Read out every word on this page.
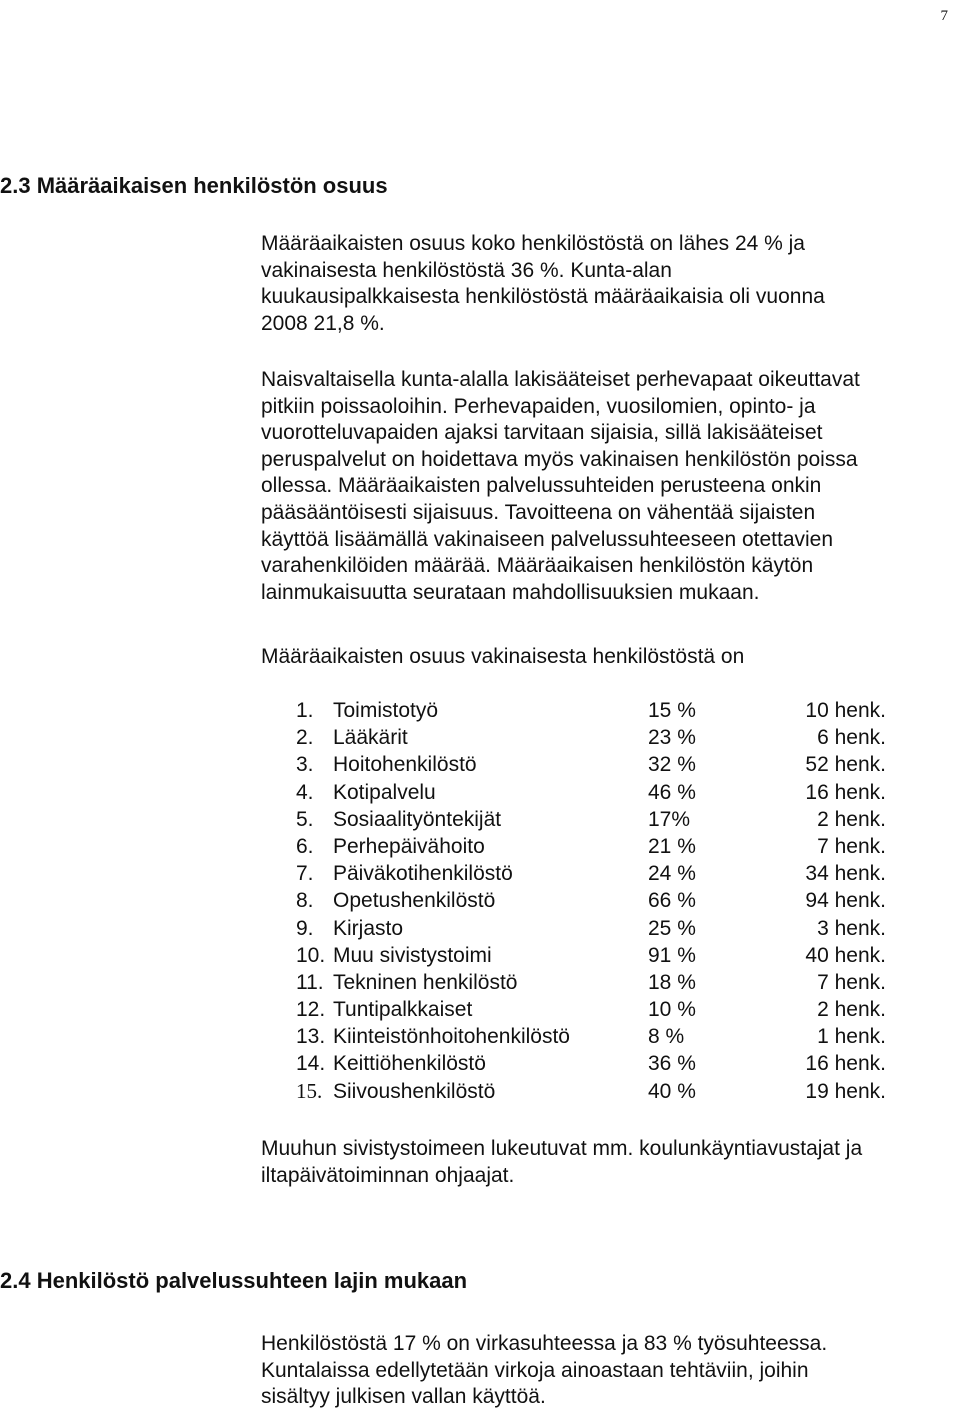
7
2.3 Määräaikaisen henkilöstön osuus
Määräaikaisten osuus koko henkilöstöstä on lähes 24 % ja
vakinaisesta henkilöstöstä 36 %. Kunta-alan
kuukausipalkkaisesta henkilöstöstä määräaikaisia oli vuonna
2008 21,8 %.
Naisvaltaisella kunta-alalla lakisääteiset perhevapaat oikeuttavat
pitkiin poissaoloihin. Perhevapaiden, vuosilomien, opinto- ja
vuorotteluvapaiden ajaksi tarvitaan sijaisia, sillä lakisääteiset
peruspalvelut on hoidettava myös vakinaisen henkilöstön poissa
ollessa. Määräaikaisten palvelussuhteiden perusteena onkin
pääsääntöisesti sijaisuus. Tavoitteena on vähentää sijaisten
käyttöä lisäämällä vakinaiseen palvelussuhteeseen otettavien
varahenkilöiden määrää. Määräaikaisen henkilöstön käytön
lainmukaisuutta seurataan mahdollisuuksien mukaan.
Määräaikaisten osuus vakinaisesta henkilöstöstä on
1. Toimistotyö	15 %	10 henk.
2. Lääkärit	23 %	6 henk.
3. Hoitohenkilöstö	32 %	52 henk.
4. Kotipalvelu	46 %	16 henk.
5. Sosiaalityöntekijät	17%	2 henk.
6. Perhepäivähoito	21 %	7 henk.
7. Päiväkotihenkilöstö	24 %	34 henk.
8. Opetushenkilöstö	66 %	94 henk.
9. Kirjasto	25 %	3 henk.
10. Muu sivistystoimi	91 %	40 henk.
11. Tekninen henkilöstö	18 %	7 henk.
12. Tuntipalkkaiset	10 %	2 henk.
13. Kiinteistönhoitohenkilöstö	8 %	1 henk.
14. Keittiöhenkilöstö	36 %	16 henk.
15. Siivoushenkilöstö	40 %	19 henk.
Muuhun sivistystoimeen lukeutuvat mm. koulunkäyntiavustajat ja
iltapäivätoiminnan ohjaajat.
2.4 Henkilöstö palvelussuhteen lajin mukaan
Henkilöstöstä 17 % on virkasuhteessa ja 83 % työsuhteessa.
Kuntalaissa edellytetään virkoja ainoastaan tehtäviin, joihin
sisältyy julkisen vallan käyttöä.
